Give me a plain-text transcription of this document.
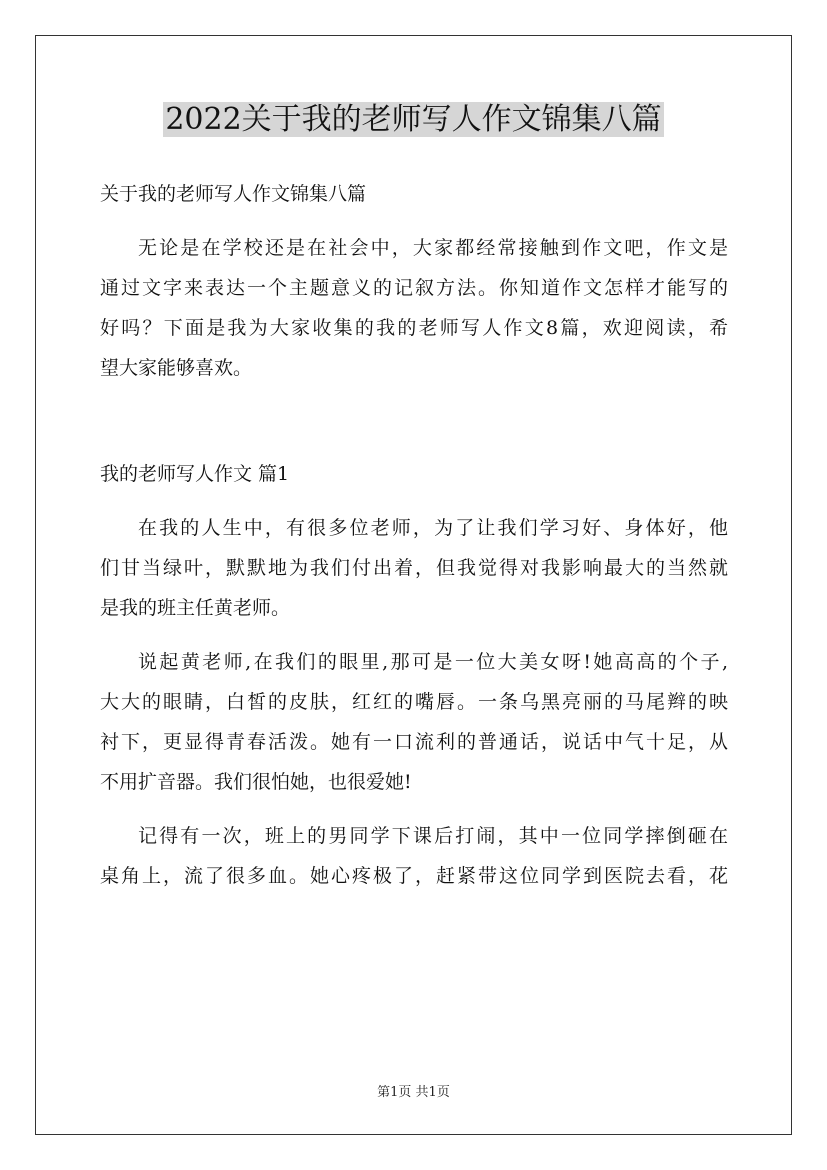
2022关于我的老师写人作文锦集八篇
关于我的老师写人作文锦集八篇
无论是在学校还是在社会中，大家都经常接触到作文吧，作文是
通过文字来表达一个主题意义的记叙方法。你知道作文怎样才能写的
好吗？下面是我为大家收集的我的老师写人作文8篇，欢迎阅读，希
望大家能够喜欢。
我的老师写人作文 篇1
在我的人生中，有很多位老师，为了让我们学习好、身体好，他
们甘当绿叶，默默地为我们付出着，但我觉得对我影响最大的当然就
是我的班主任黄老师。
说起黄老师,在我们的眼里,那可是一位大美女呀!她高高的个子,
大大的眼睛，白皙的皮肤，红红的嘴唇。一条乌黑亮丽的马尾辫的映
衬下，更显得青春活泼。她有一口流利的普通话，说话中气十足，从
不用扩音器。我们很怕她，也很爱她!
记得有一次，班上的男同学下课后打闹，其中一位同学摔倒砸在
桌角上，流了很多血。她心疼极了，赶紧带这位同学到医院去看，花
第1页 共1页
